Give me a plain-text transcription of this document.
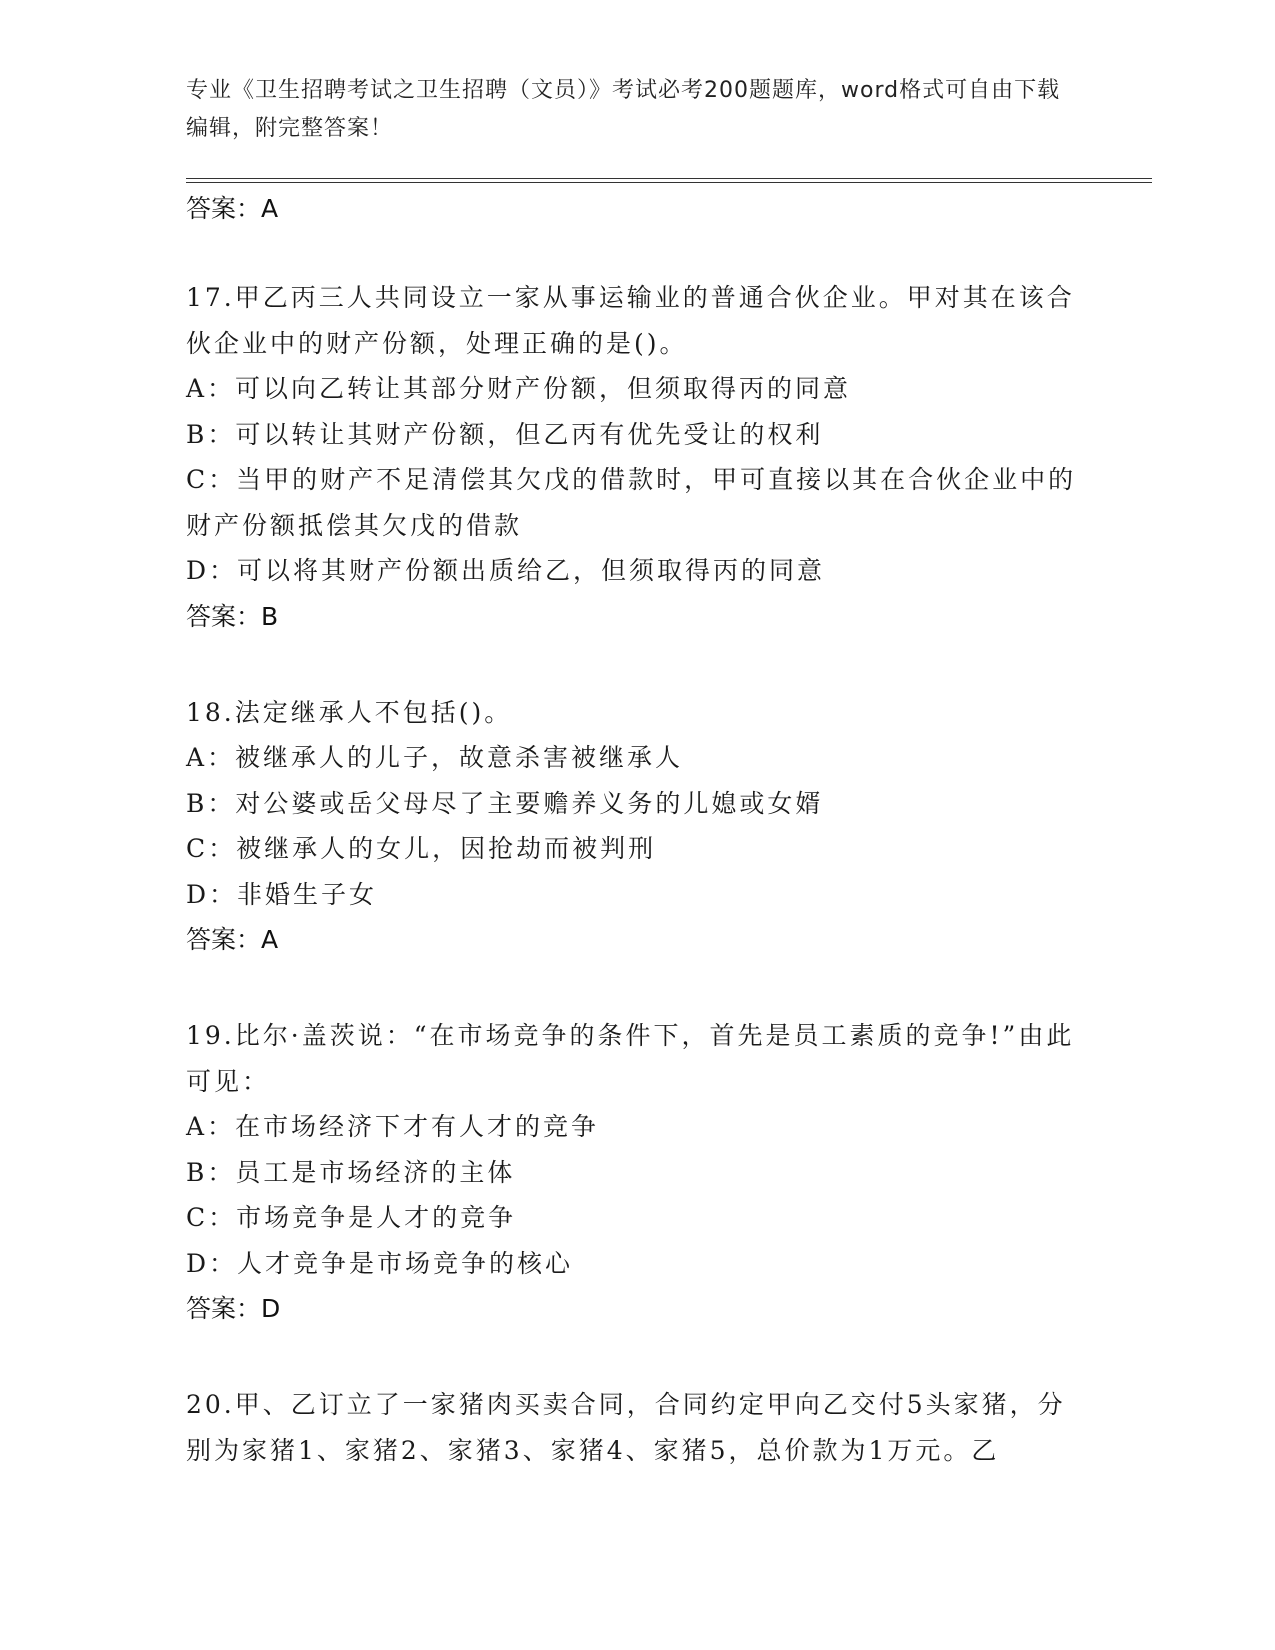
专业《卫生招聘考试之卫生招聘（文员）》考试必考200题题库，word格式可自由下载编辑，附完整答案！
答案：A
17.甲乙丙三人共同设立一家从事运输业的普通合伙企业。甲对其在该合伙企业中的财产份额，处理正确的是()。
A：可以向乙转让其部分财产份额，但须取得丙的同意
B：可以转让其财产份额，但乙丙有优先受让的权利
C：当甲的财产不足清偿其欠戊的借款时，甲可直接以其在合伙企业中的财产份额抵偿其欠戊的借款
D：可以将其财产份额出质给乙，但须取得丙的同意
答案：B
18.法定继承人不包括()。
A：被继承人的儿子，故意杀害被继承人
B：对公婆或岳父母尽了主要赡养义务的儿媳或女婿
C：被继承人的女儿，因抢劫而被判刑
D：非婚生子女
答案：A
19.比尔·盖茨说：“在市场竞争的条件下，首先是员工素质的竞争!”由此可见：
A：在市场经济下才有人才的竞争
B：员工是市场经济的主体
C：市场竞争是人才的竞争
D：人才竞争是市场竞争的核心
答案：D
20.甲、乙订立了一家猪肉买卖合同，合同约定甲向乙交付5头家猪，分别为家猪1、家猪2、家猪3、家猪4、家猪5，总价款为1万元。乙
